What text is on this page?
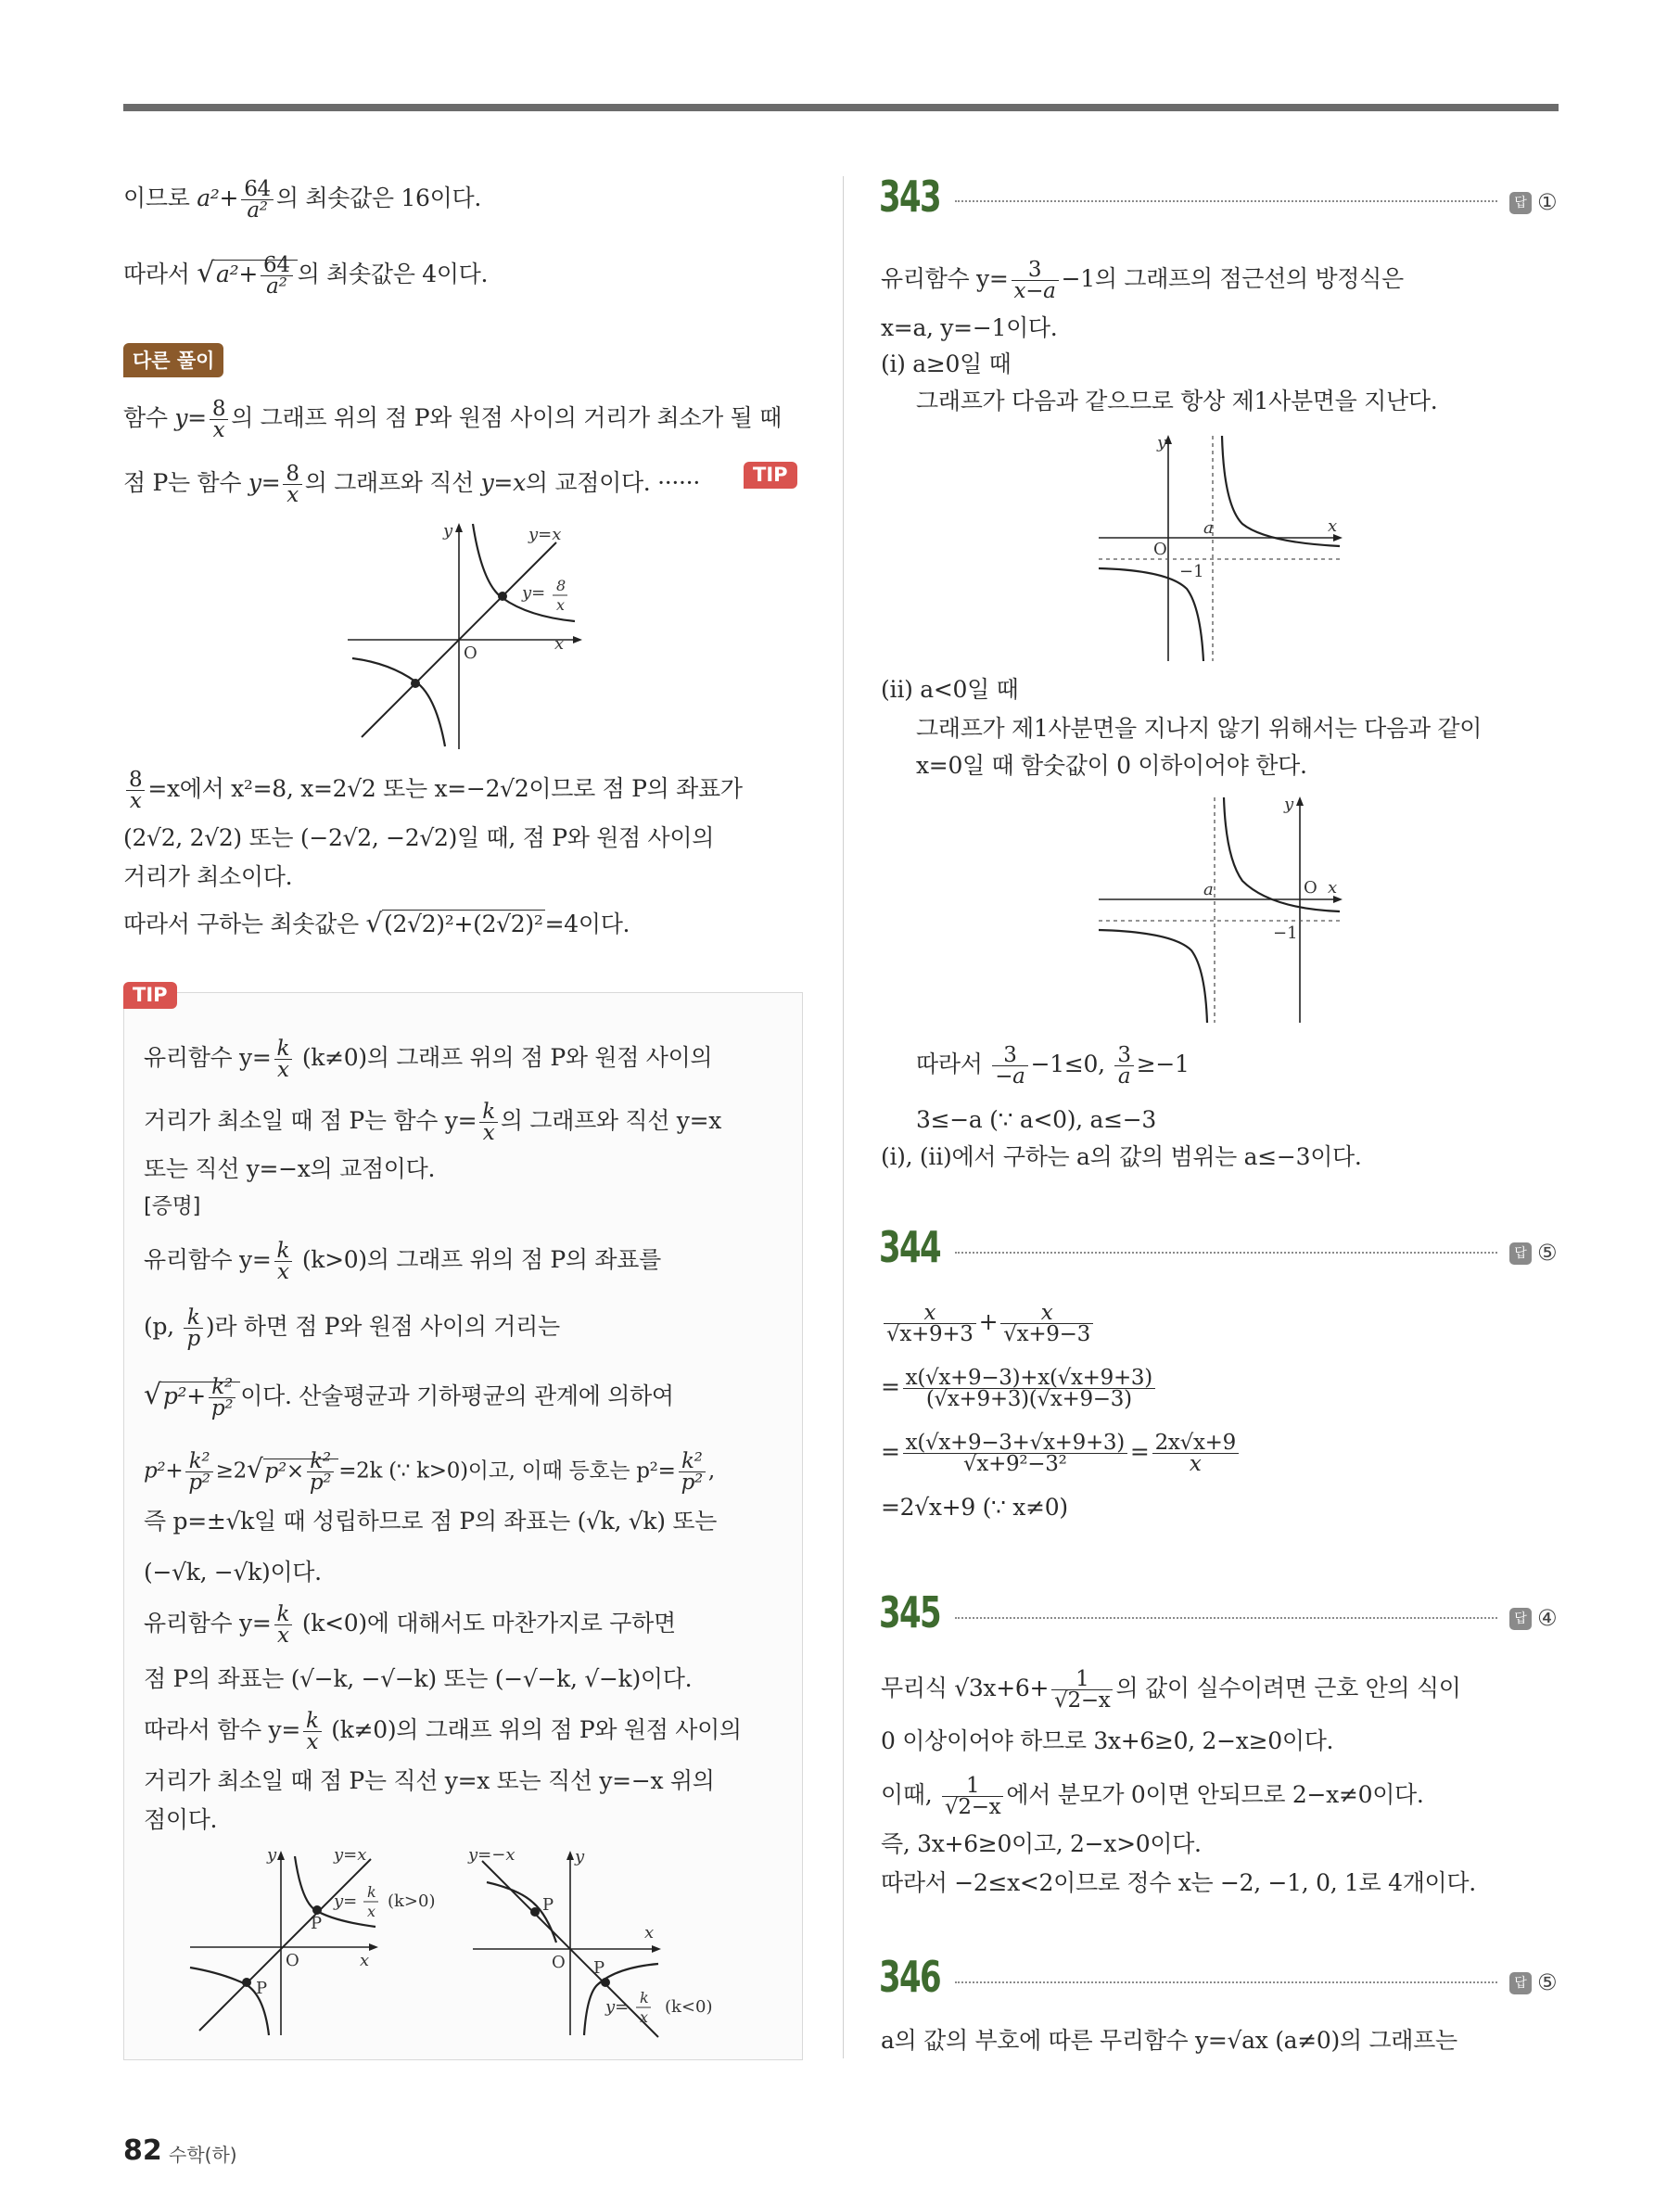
이므로 $a^2+ \frac{64}{\text{a²}}$ 의 최솟값은 16이다.
따라서 $√a^2+ \frac{64}{\text{a²}}$ 의 최솟값은 4이다.
다른 풀이
함수 $y= \frac{8}{x}$ 의 그래프 위의 점 P와 원점 사이의 거리가 최소가 될 때
점 P는 함수 $y= \frac{8}{x}$ 의 그래프와 직선 y=x의 교점이다. ······	TIP
y
x
O
y=x
y= 8
x
$\frac{8}{x} =x$에서 x²=8, x=2√2 또는 x=−2√2이므로 점 P의 좌표가
(2√2, 2√2) 또는 (−2√2, −2√2)일 때, 점 P와 원점 사이의
거리가 최소이다.
따라서 구하는 최솟값은 √(2√2)²+(2√2)²=4이다.
TIP
유리함수 $y= \frac{k}{x} (k\ne 0)$의 그래프 위의 점 P와 원점 사이의
거리가 최소일 때 점 P는 함수 $y= \frac{k}{x}$ 의 그래프와 직선 y=x
또는 직선 y=−x의 교점이다.
[증명]
유리함수 $y= \frac{k}{x} (k>0)$의 그래프 위의 점 P의 좌표를
(p, $\frac{k}{p}$ )라 하면 점 P와 원점 사이의 거리는
$√p^2+ \frac{\text{k²}}{\text{p²}}$ 이다. 산술평균과 기하평균의 관계에 의하여
$p^2+ \frac{\text{k²}}{\text{p²}} \ge 2√p^2\times \frac{\text{k²}}{\text{p²}} =2k$ (∵ k>0)이고, 이때 등호는 $p^2= \frac{\text{k²}}{\text{p²}}$ ,
즉 p=±√k일 때 성립하므로 점 P의 좌표는 (√k, √k) 또는
(−√k, −√k)이다.
유리함수 $y= \frac{k}{x} (k<0)$에 대해서도 마찬가지로 구하면
점 P의 좌표는 (√−k, −√−k) 또는 (−√−k, √−k)이다.
따라서 함수 $y= \frac{k}{x} (k\ne 0)$의 그래프 위의 점 P와 원점 사이의
거리가 최소일 때 점 P는 직선 y=x 또는 직선 y=−x 위의
점이다.
y
x
O
P
P
y=x
y= k
x
(k>0)
y=−x	y
x
O
P
P
y= k
x
(k<0)
343	답 ①
유리함수 $y= \frac{3}{x-a} -1$의 그래프의 점근선의 방정식은
x=a, y=−1이다.
(ⅰ) a≥0일 때
그래프가 다음과 같으므로 항상 제1사분면을 지난다.
y
x
O
a
−1
(ⅱ) a<0일 때
그래프가 제1사분면을 지나지 않기 위해서는 다음과 같이
x=0일 때 함숫값이 0 이하이어야 한다.
y
x
O
a
−1
따라서 $\frac{3}{-a} -1\le 0$, $\frac{3}{a} \ge-1$
3≤−a (∵ a<0), a≤−3
(ⅰ), (ⅱ)에서 구하는 a의 값의 범위는 a≤−3이다.
344	답 ⑤
$\frac{x}{√x+9+3} + \frac{x}{√x+9-3}$
= $\frac{x(√x+9-3)+x(√x+9+3)}{(√x+9+3)(√x+9-3)}$
= $\frac{x(√x+9-3+√x+9+3)}{\text{√x+9²−3²}} = \frac{2x√x+9}{x}$
=2√x+9 (∵ x≠0)
345	답 ④
무리식 $√3x+6+ \frac{1}{√2-x}$ 의 값이 실수이려면 근호 안의 식이
0 이상이어야 하므로 3x+6≥0, 2−x≥0이다.
이때, $\frac{1}{√2-x}$ 에서 분모가 0이면 안되므로 2−x≠0이다.
즉, 3x+6≥0이고, 2−x>0이다.
따라서 −2≤x<2이므로 정수 x는 −2, −1, 0, 1로 4개이다.
346	답 ⑤
a의 값의 부호에 따른 무리함수 y=√ax (a≠0)의 그래프는
82 수학(하)
